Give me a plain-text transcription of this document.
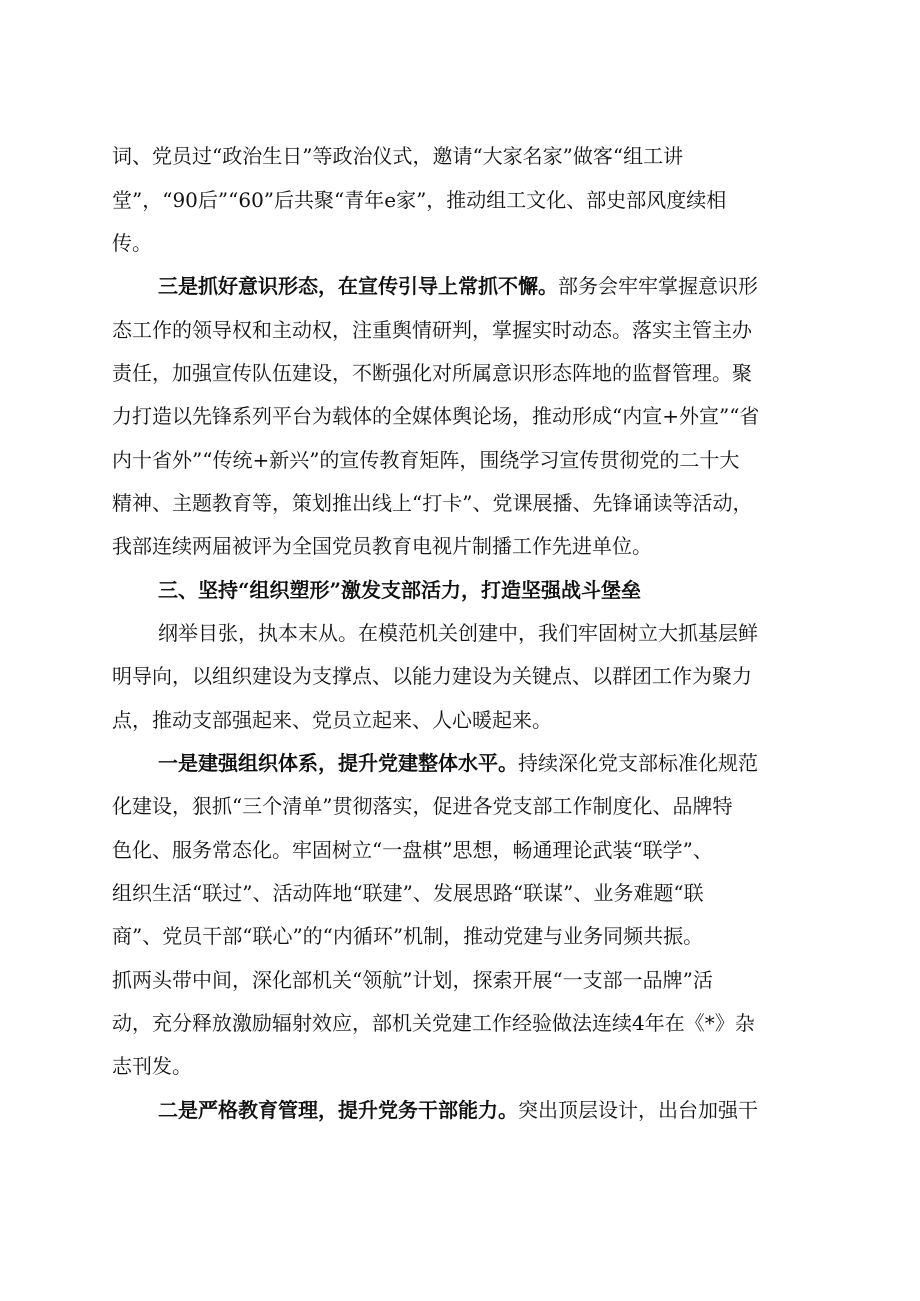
词、党员过“政治生日”等政治仪式，邀请“大家名家”做客“组工讲
堂”，“90后”“60”后共聚“青年e家”，推动组工文化、部史部风度续相
传。
三是抓好意识形态，在宣传引导上常抓不懈。部务会牢牢掌握意识形
态工作的领导权和主动权，注重舆情研判，掌握实时动态。落实主管主办
责任，加强宣传队伍建设，不断强化对所属意识形态阵地的监督管理。聚
力打造以先锋系列平台为载体的全媒体舆论场，推动形成“内宣+外宣”“省
内十省外”“传统+新兴”的宣传教育矩阵，围绕学习宣传贯彻党的二十大
精神、主题教育等，策划推出线上“打卡”、党课展播、先锋诵读等活动，
我部连续两届被评为全国党员教育电视片制播工作先进单位。
三、坚持“组织塑形”激发支部活力，打造坚强战斗堡垒
纲举目张，执本末从。在模范机关创建中，我们牢固树立大抓基层鲜
明导向，以组织建设为支撑点、以能力建设为关键点、以群团工作为聚力
点，推动支部强起来、党员立起来、人心暖起来。
一是建强组织体系，提升党建整体水平。持续深化党支部标准化规范
化建设，狠抓“三个清单”贯彻落实，促进各党支部工作制度化、品牌特
色化、服务常态化。牢固树立“一盘棋”思想，畅通理论武装“联学”、
组织生活“联过”、活动阵地“联建”、发展思路“联谋”、业务难题“联
商”、党员干部“联心”的“内循环”机制，推动党建与业务同频共振。
抓两头带中间，深化部机关“领航”计划，探索开展“一支部一品牌”活
动，充分释放激励辐射效应，部机关党建工作经验做法连续4年在《*》杂
志刊发。
二是严格教育管理，提升党务干部能力。突出顶层设计，出台加强干
